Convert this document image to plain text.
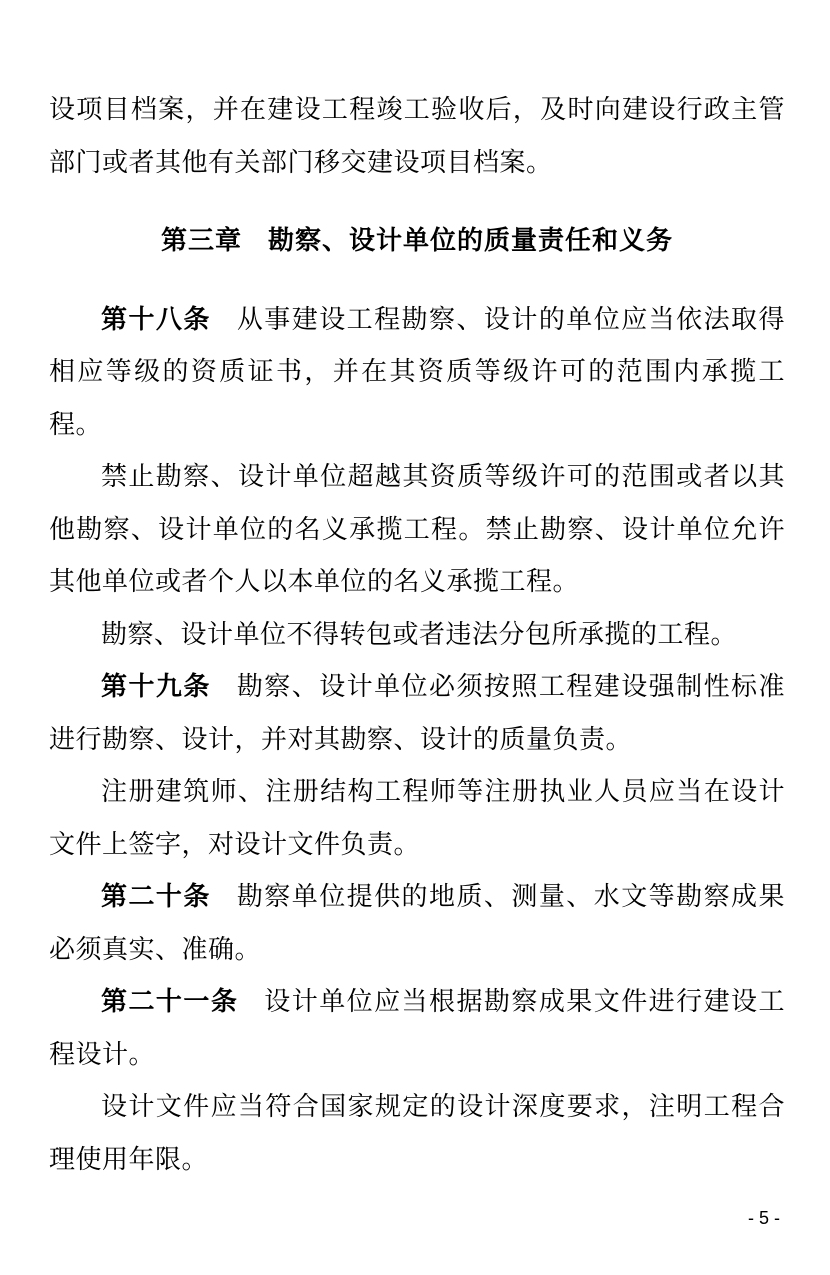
设项目档案，并在建设工程竣工验收后，及时向建设行政主管部门或者其他有关部门移交建设项目档案。

第三章 勘察、设计单位的质量责任和义务

第十八条 从事建设工程勘察、设计的单位应当依法取得相应等级的资质证书，并在其资质等级许可的范围内承揽工程。

禁止勘察、设计单位超越其资质等级许可的范围或者以其他勘察、设计单位的名义承揽工程。禁止勘察、设计单位允许其他单位或者个人以本单位的名义承揽工程。

勘察、设计单位不得转包或者违法分包所承揽的工程。

第十九条 勘察、设计单位必须按照工程建设强制性标准进行勘察、设计，并对其勘察、设计的质量负责。

注册建筑师、注册结构工程师等注册执业人员应当在设计文件上签字，对设计文件负责。

第二十条 勘察单位提供的地质、测量、水文等勘察成果必须真实、准确。

第二十一条 设计单位应当根据勘察成果文件进行建设工程设计。

设计文件应当符合国家规定的设计深度要求，注明工程合理使用年限。

- 5 -
